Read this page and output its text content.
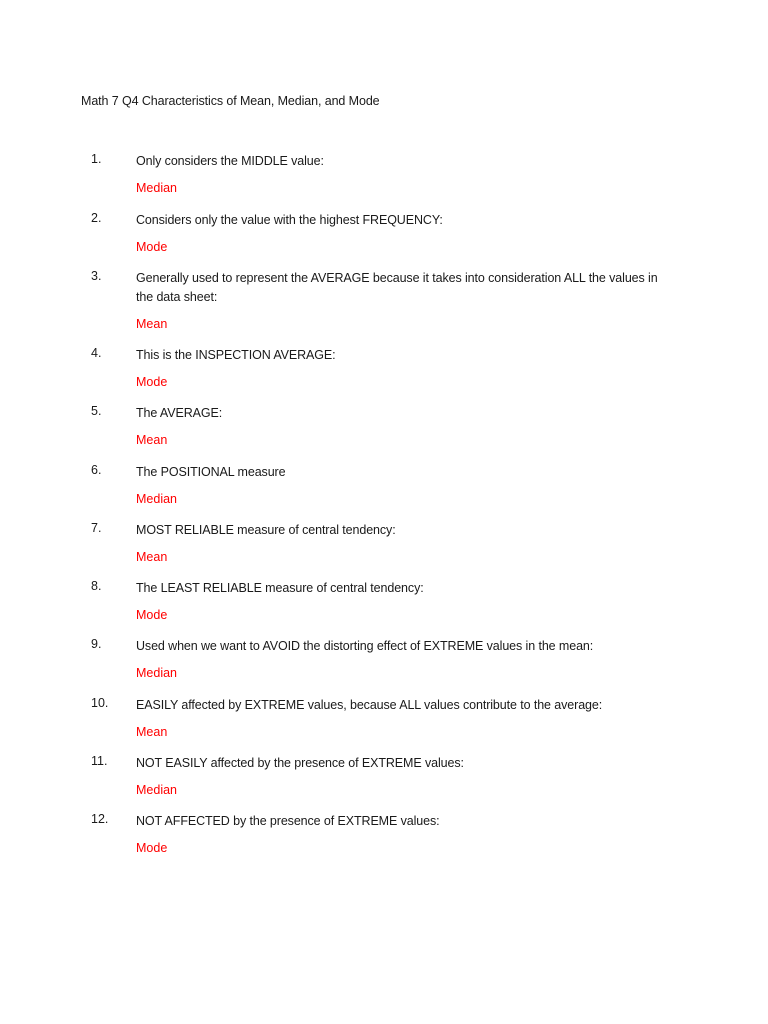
Math 7 Q4 Characteristics of Mean, Median, and Mode
1.	Only considers the MIDDLE value:
Median
2.	Considers only the value with the highest FREQUENCY:
Mode
3.	Generally used to represent the AVERAGE because it takes into consideration ALL the values in the data sheet:
Mean
4.	This is the INSPECTION AVERAGE:
Mode
5.	The AVERAGE:
Mean
6.	The POSITIONAL measure
Median
7.	MOST RELIABLE measure of central tendency:
Mean
8.	The LEAST RELIABLE measure of central tendency:
Mode
9.	Used when we want to AVOID the distorting effect of EXTREME values in the mean:
Median
10. EASILY affected by EXTREME values, because ALL values contribute to the average:
Mean
11. NOT EASILY affected by the presence of EXTREME values:
Median
12. NOT AFFECTED by the presence of EXTREME values:
Mode
